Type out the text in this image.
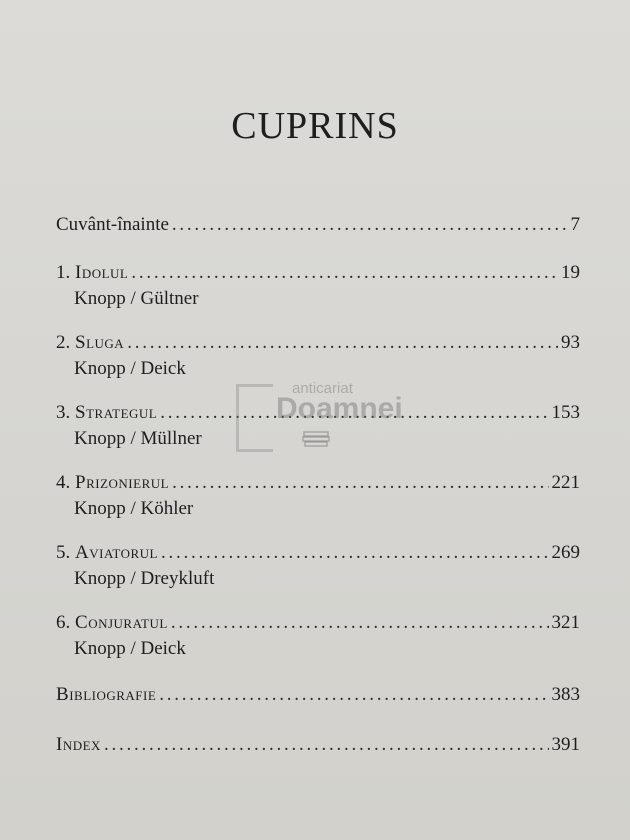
CUPRINS
Cuvânt-înainte . . .	7
1. Idolul . . .	19
Knopp / Gültner
2. Sluga . . .	93
Knopp / Deick
3. Strategul . . .	153
Knopp / Müllner
4. Prizonierul . . .	221
Knopp / Köhler
5. Aviatorul . . .	269
Knopp / Dreykluft
6. Conjuratul . . .	321
Knopp / Deick
Bibliografie . . .	383
Index . . .	391
anticariat
Doamnei
